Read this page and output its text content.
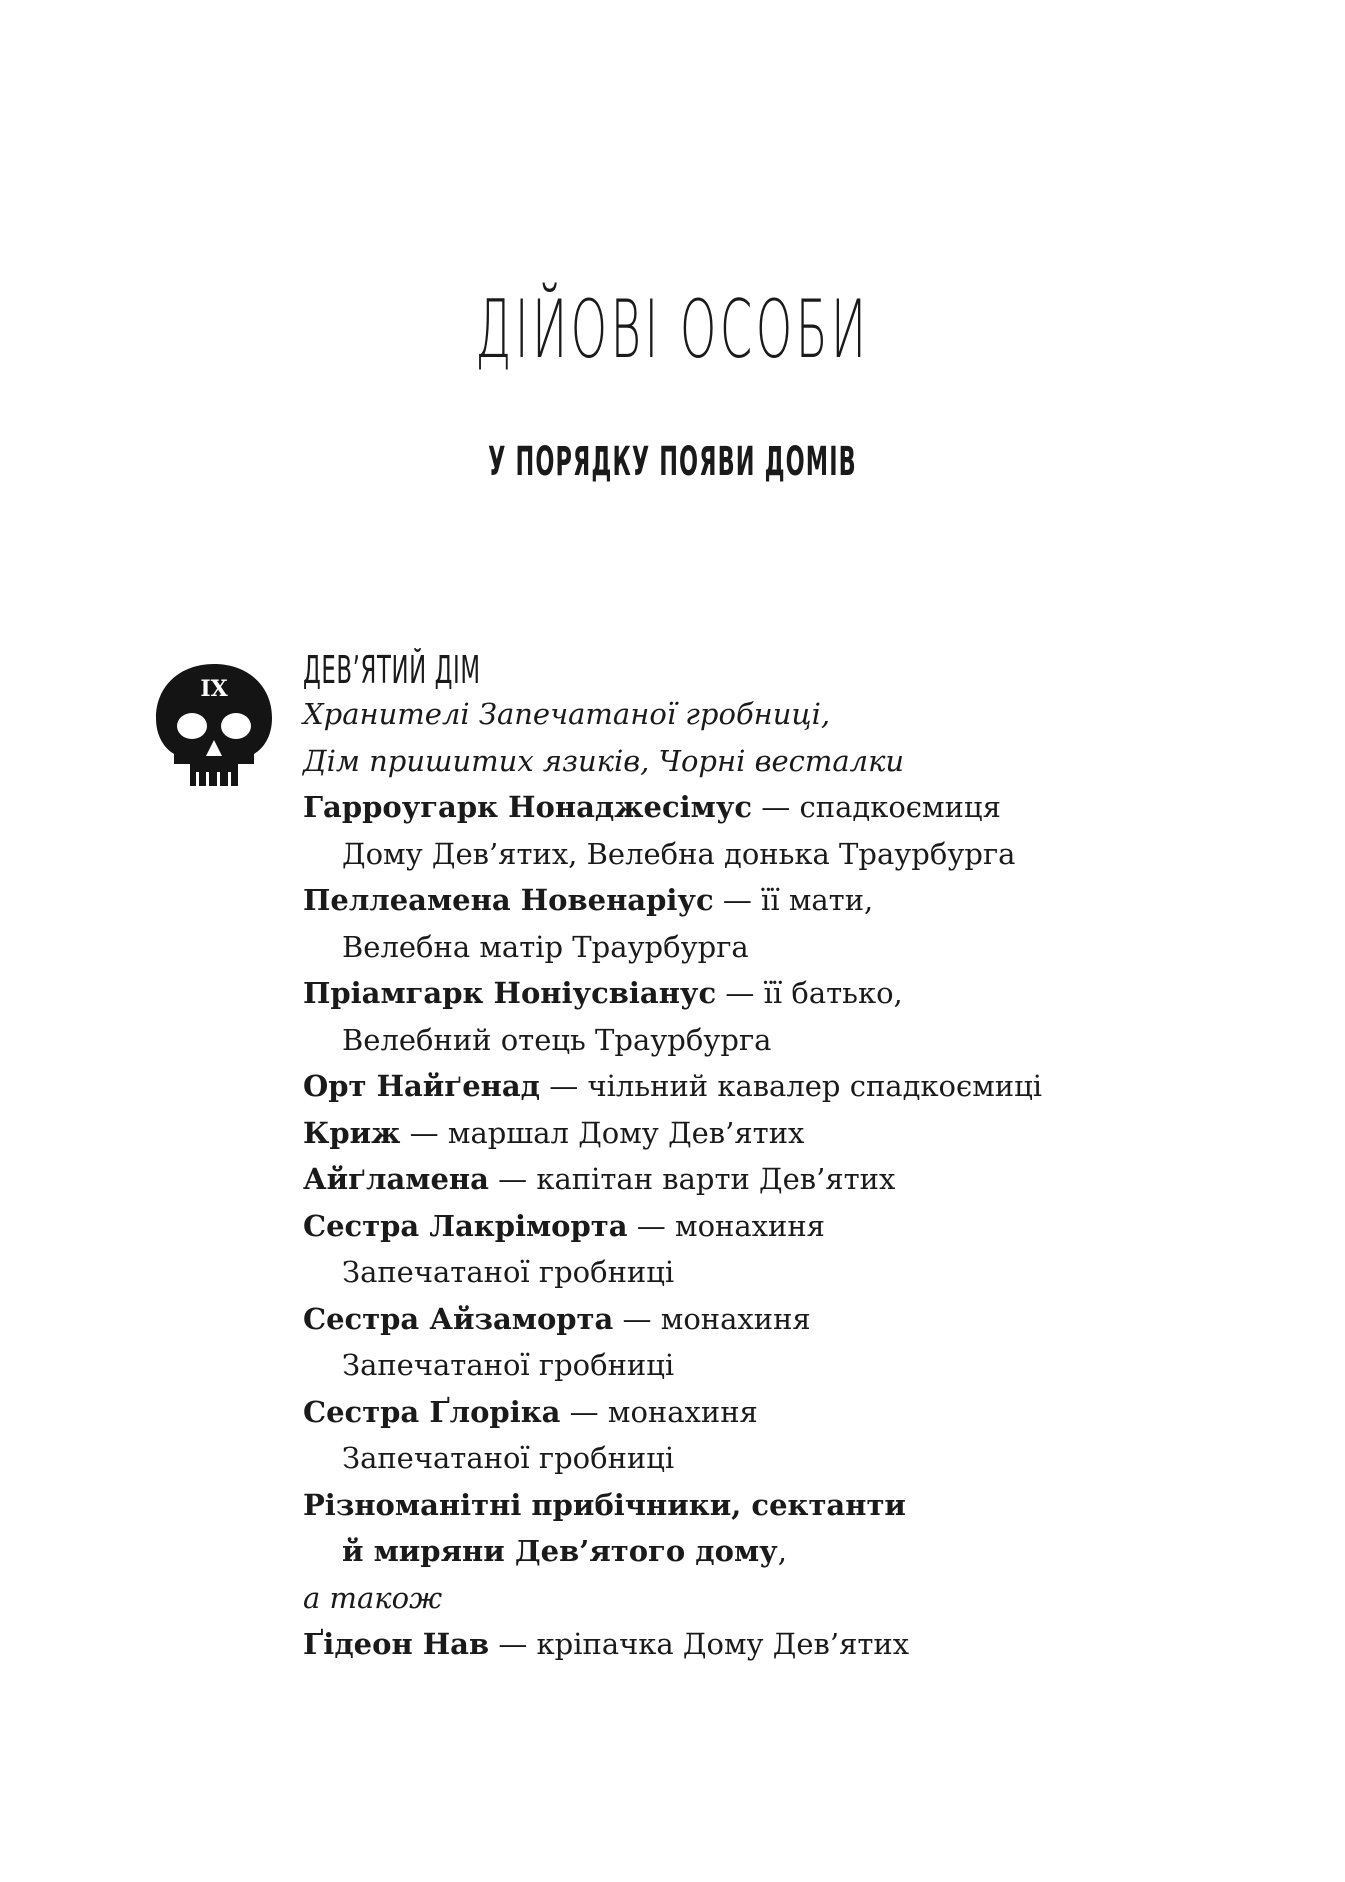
ДІЙОВІ ОСОБИ
У ПОРЯДКУ ПОЯВИ ДОМІВ
IX ДЕВ’ЯТИЙ ДІМ
Хранителі Запечатаної гробниці,
Дім пришитих язиків, Чорні весталки
Гарроугарк Нонаджесімус — спадкоємиця
Дому Дев’ятих, Велебна донька Траурбурга
Пеллеамена Новенаріус — її мати,
Велебна матір Траурбурга
Пріамгарк Ноніусвіанус — її батько,
Велебний отець Траурбурга
Орт Найґенад — чільний кавалер спадкоємиці
Криж — маршал Дому Дев’ятих
Айґламена — капітан варти Дев’ятих
Сестра Лакріморта — монахиня
Запечатаної гробниці
Сестра Айзаморта — монахиня
Запечатаної гробниці
Сестра Ґлоріка — монахиня
Запечатаної гробниці
Різноманітні прибічники, сектанти
й миряни Дев’ятого дому,
а також
Ґідеон Нав — кріпачка Дому Дев’ятих
